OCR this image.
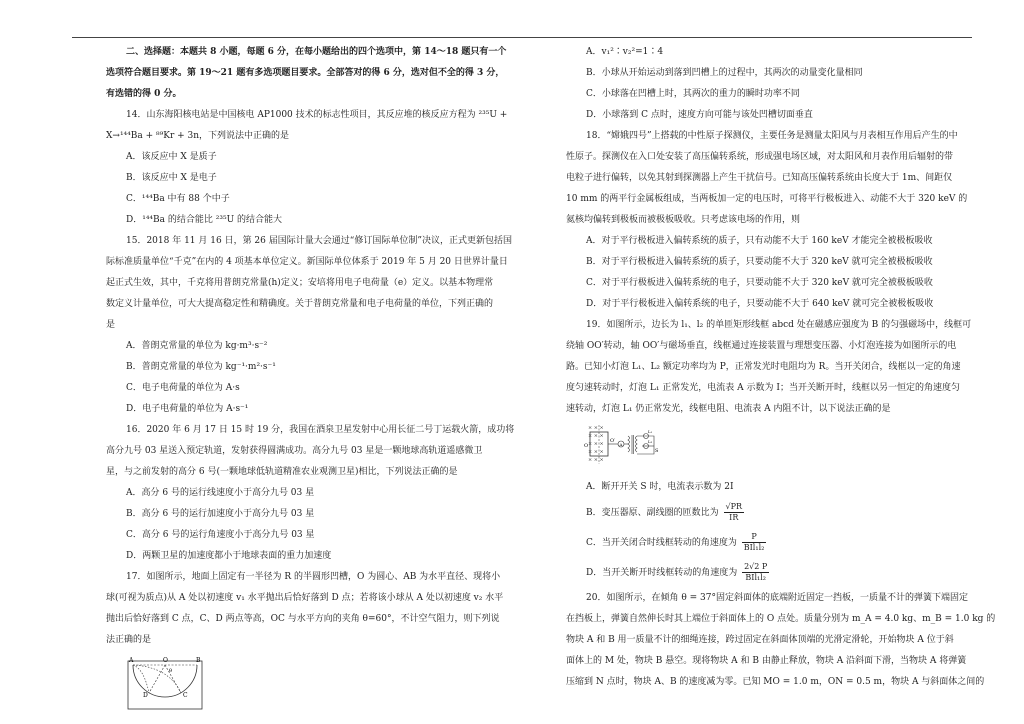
二、选择题：本题共 8 小题，每题 6 分，在每小题给出的四个选项中，第 14～18 题只有一个

选项符合题目要求。第 19～21 题有多选项题目要求。全部答对的得 6 分，选对但不全的得 3 分，

有选错的得 0 分。

14．山东海阳核电站是中国核电 AP1000 技术的标志性项目，其反应堆的核反应方程为 ²³⁵U +

X→¹⁴⁴Ba + ⁸⁹Kr + 3n，下列说法中正确的是

A．该反应中 X 是质子

B．该反应中 X 是电子

C．¹⁴⁴Ba 中有 88 个中子

D．¹⁴⁴Ba 的结合能比 ²³⁵U 的结合能大

15．2018 年 11 月 16 日，第 26 届国际计量大会通过“修订国际单位制”决议，正式更新包括国

际标准质量单位“千克”在内的 4 项基本单位定义。新国际单位体系于 2019 年 5 月 20 日世界计量日

起正式生效，其中，千克将用普朗克常量(h)定义；安培将用电子电荷量（e）定义。以基本物理常

数定义计量单位，可大大提高稳定性和精确度。关于普朗克常量和电子电荷量的单位，下列正确的

是

A．普朗克常量的单位为 kg·m³·s⁻²

B．普朗克常量的单位为 kg⁻¹·m²·s⁻¹

C．电子电荷量的单位为 A·s

D．电子电荷量的单位为 A·s⁻¹

16．2020 年 6 月 17 日 15 时 19 分，我国在酒泉卫星发射中心用长征二号丁运载火箭，成功将

高分九号 03 星送入预定轨道，发射获得圆满成功。高分九号 03 星是一颗地球高轨道遥感微卫

星，与之前发射的高分 6 号(一颗地球低轨道精准农业观测卫星)相比，下列说法正确的是

A．高分 6 号的运行线速度小于高分九号 03 星

B．高分 6 号的运行加速度小于高分九号 03 星

C．高分 6 号的运行角速度小于高分九号 03 星

D．两颗卫星的加速度都小于地球表面的重力加速度

17．如图所示，地面上固定有一半径为 R 的半圆形凹槽，O 为圆心、AB 为水平直径、现将小

球(可视为质点)从 A 处以初速度 v₁ 水平抛出后恰好落到 D 点；若将该小球从 A 处以初速度 v₂ 水平

抛出后恰好落到 C 点，C、D 两点等高，OC 与水平方向的夹角 θ=60°，不计空气阻力，则下列说

法正确的是

A	O	B
θ
D	C

A．v₁²∶v₂²=1∶4

B．小球从开始运动到落到凹槽上的过程中，其两次的动量变化量相同

C．小球落在凹槽上时，其两次的重力的瞬时功率不同

D．小球落到 C 点时，速度方向可能与该处凹槽切面垂直

18．“嫦娥四号”上搭载的中性原子探测仪，主要任务是测量太阳风与月表相互作用后产生的中

性原子。探测仪在入口处安装了高压偏转系统，形成强电场区域，对太阳风和月表作用后辐射的带

电粒子进行偏转，以免其射到探测器上产生干扰信号。已知高压偏转系统由长度大于 1m、间距仅

10 mm 的两平行金属板组成，当两板加一定的电压时，可将平行极板进入、动能不大于 320 keV 的

氦核均偏转到极板而被极板吸收。只考虑该电场的作用，则

A．对于平行极板进入偏转系统的质子，只有动能不大于 160 keV 才能完全被极板吸收

B．对于平行极板进入偏转系统的质子，只要动能不大于 320 keV 就可完全被极板吸收

C．对于平行极板进入偏转系统的电子，只要动能不大于 320 keV 就可完全被极板吸收

D．对于平行极板进入偏转系统的电子，只要动能不大于 640 keV 就可完全被极板吸收

19．如图所示，边长为 l₁、l₂ 的单匝矩形线框 abcd 处在磁感应强度为 B 的匀强磁场中，线框可

绕轴 OO′转动，轴 OO′与磁场垂直，线框通过连接装置与理想变压器、小灯泡连接为如图所示的电

路。已知小灯泡 L₁、L₂ 额定功率均为 P，正常发光时电阻均为 R。当开关闭合，线框以一定的角速

度匀速转动时，灯泡 L₁ 正常发光，电流表 A 示数为 I；当开关断开时，线框以另一恒定的角速度匀

速转动，灯泡 L₁ 仍正常发光，线框电阻、电流表 A 内阻不计，以下说法正确的是

× × ×
× × ×
× × ×
× × ×
× × ×
O
O′
A
L₁
L₂
S

A．断开开关 S 时，电流表示数为 2I

B．变压器原、副线圈的匝数比为 $\frac{√PR}{IR}$

C．当开关闭合时线框转动的角速度为 $\frac{P}{\text{BIl₁l₂}}$

D．当开关断开时线框转动的角速度为 $\frac{2√2 P}{\text{BIl₁l₂}}$

20．如图所示，在倾角 θ = 37°固定斜面体的底端附近固定一挡板，一质量不计的弹簧下端固定

在挡板上，弹簧自然伸长时其上端位于斜面体上的 O 点处。质量分别为 m_A = 4.0 kg、m_B = 1.0 kg 的

物块 A 和 B 用一质量不计的细绳连接，跨过固定在斜面体顶端的光滑定滑轮，开始物块 A 位于斜

面体上的 M 处，物块 B 悬空。现将物块 A 和 B 由静止释放，物块 A 沿斜面下滑，当物块 A 将弹簧

压缩到 N 点时，物块 A、B 的速度减为零。已知 MO = 1.0 m，ON = 0.5 m，物块 A 与斜面体之间的
